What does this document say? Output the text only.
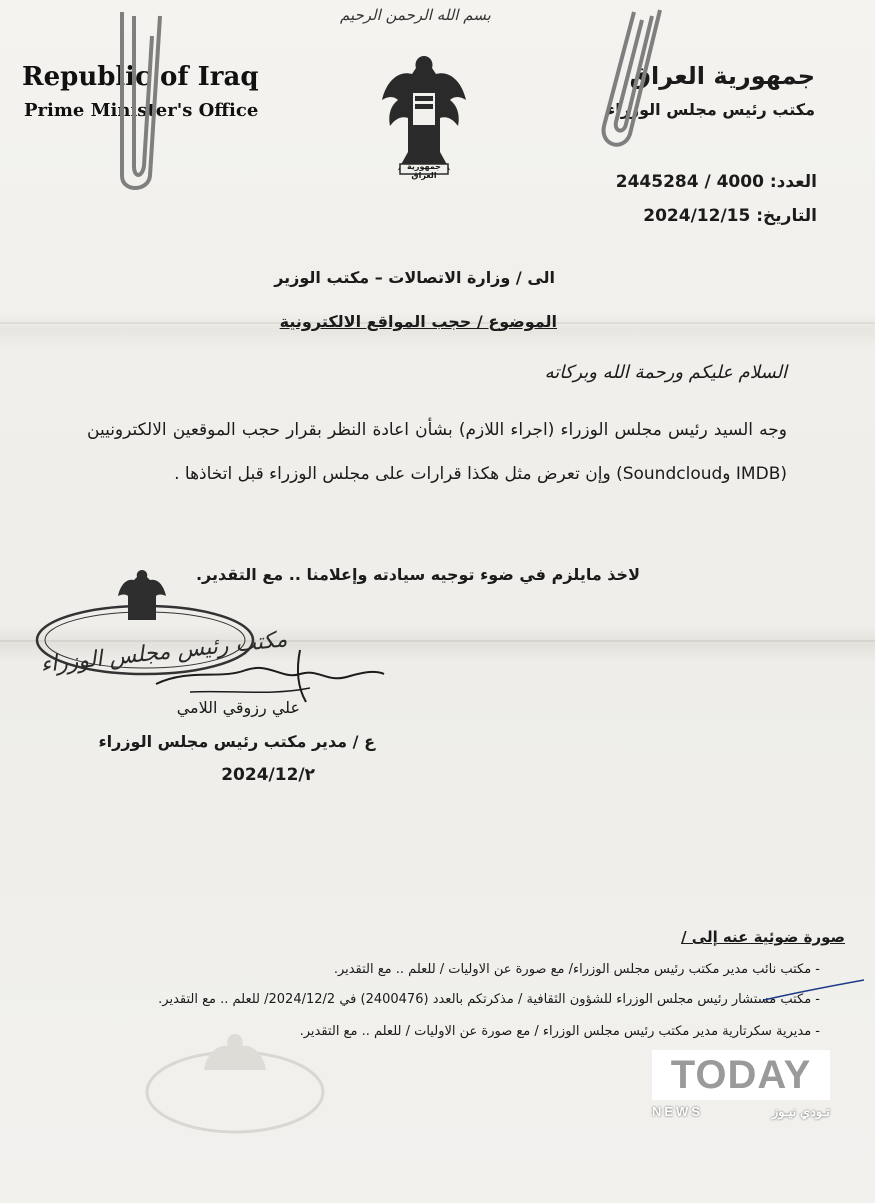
بسم الله الرحمن الرحيم
Republic of Iraq
Prime Minister's Office
جمهورية العراق
مكتب رئيس مجلس الوزراء
جمهورية العراق	العدد: 2445284 / 4000
التاريخ: 2024/12/15
الى / وزارة الاتصالات – مكتب الوزير
الموضوع / حجب المواقع الالكترونية
السلام عليكم ورحمة الله وبركاته
وجه السيد رئيس مجلس الوزراء (اجراء اللازم) بشأن اعادة النظر بقرار حجب الموقعين الالكترونيين (IMDB وSoundcloud) وإن تعرض مثل هكذا قرارات على مجلس الوزراء قبل اتخاذها .
لاخذ مايلزم في ضوء توجيه سيادته وإعلامنا .. مع التقدير.
مكتب رئيس مجلس الوزراء
علي رزوقي اللامي
ع / مدير مكتب رئيس مجلس الوزراء
2024/12/٢
صورة ضوئية عنه إلى /
- مكتب نائب مدير مكتب رئيس مجلس الوزراء/ مع صورة عن الاوليات / للعلم .. مع التقدير.
- مكتب مستشار رئيس مجلس الوزراء للشؤون الثقافية / مذكرتكم بالعدد (2400476) في 2024/12/2/ للعلم .. مع التقدير.
- مديرية سكرتارية مدير مكتب رئيس مجلس الوزراء / مع صورة عن الاوليات / للعلم .. مع التقدير.
TODAY
NEWS	تـودي نيـوز
